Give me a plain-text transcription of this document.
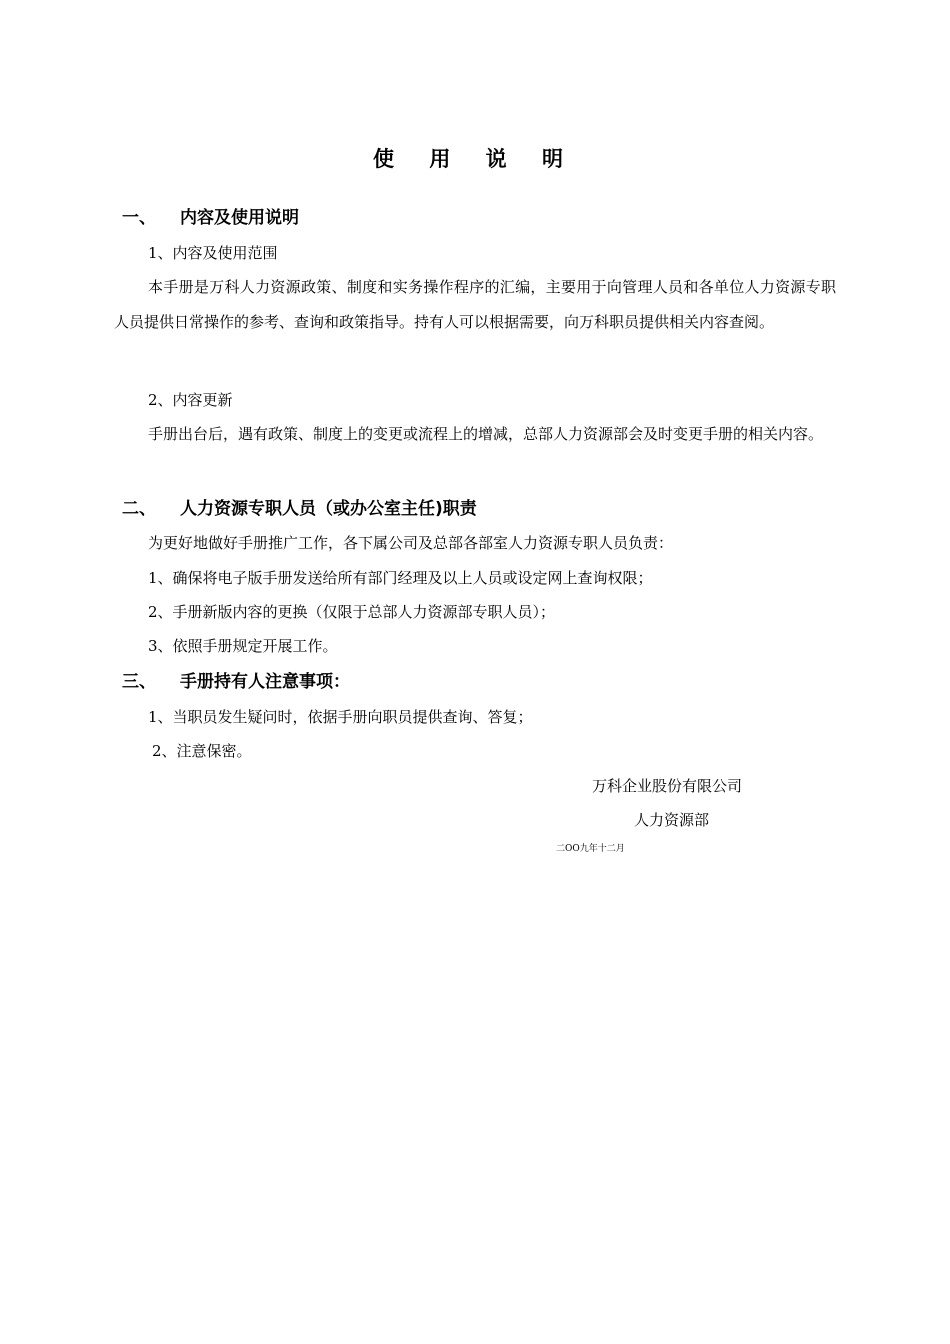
使 用 说 明
一、 内容及使用说明
1、内容及使用范围
本手册是万科人力资源政策、制度和实务操作程序的汇编，主要用于向管理人员和各单位人力资源专职人员提供日常操作的参考、查询和政策指导。持有人可以根据需要，向万科职员提供相关内容查阅。
2、内容更新
手册出台后，遇有政策、制度上的变更或流程上的增减，总部人力资源部会及时变更手册的相关内容。
二、 人力资源专职人员（或办公室主任)职责
为更好地做好手册推广工作，各下属公司及总部各部室人力资源专职人员负责：
1、确保将电子版手册发送给所有部门经理及以上人员或设定网上查询权限；
2、手册新版内容的更换（仅限于总部人力资源部专职人员）；
3、依照手册规定开展工作。
三、 手册持有人注意事项：
1、当职员发生疑问时，依据手册向职员提供查询、答复；
2、注意保密。
万科企业股份有限公司
人力资源部
二OO九年十二月
